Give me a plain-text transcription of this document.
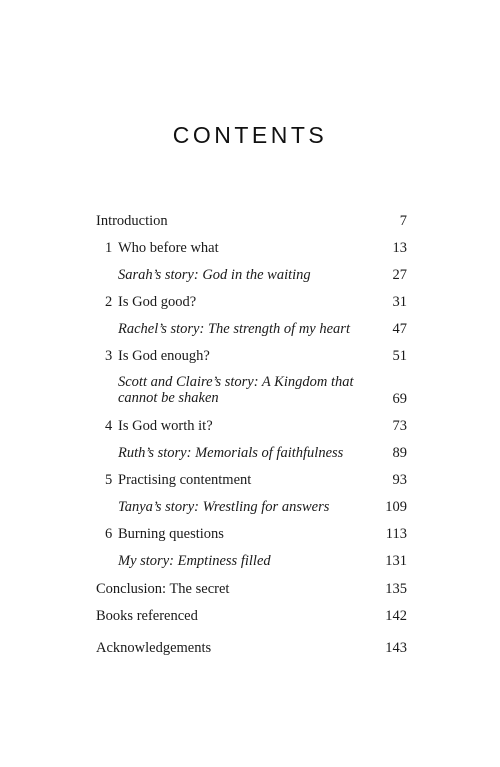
CONTENTS
Introduction	7
1 Who before what	13
Sarah’s story: God in the waiting	27
2 Is God good?	31
Rachel’s story: The strength of my heart	47
3 Is God enough?	51
Scott and Claire’s story: A Kingdom that cannot be shaken	69
4 Is God worth it?	73
Ruth’s story: Memorials of faithfulness	89
5 Practising contentment	93
Tanya’s story: Wrestling for answers	109
6 Burning questions	113
My story: Emptiness filled	131
Conclusion: The secret	135
Books referenced	142
Acknowledgements	143
